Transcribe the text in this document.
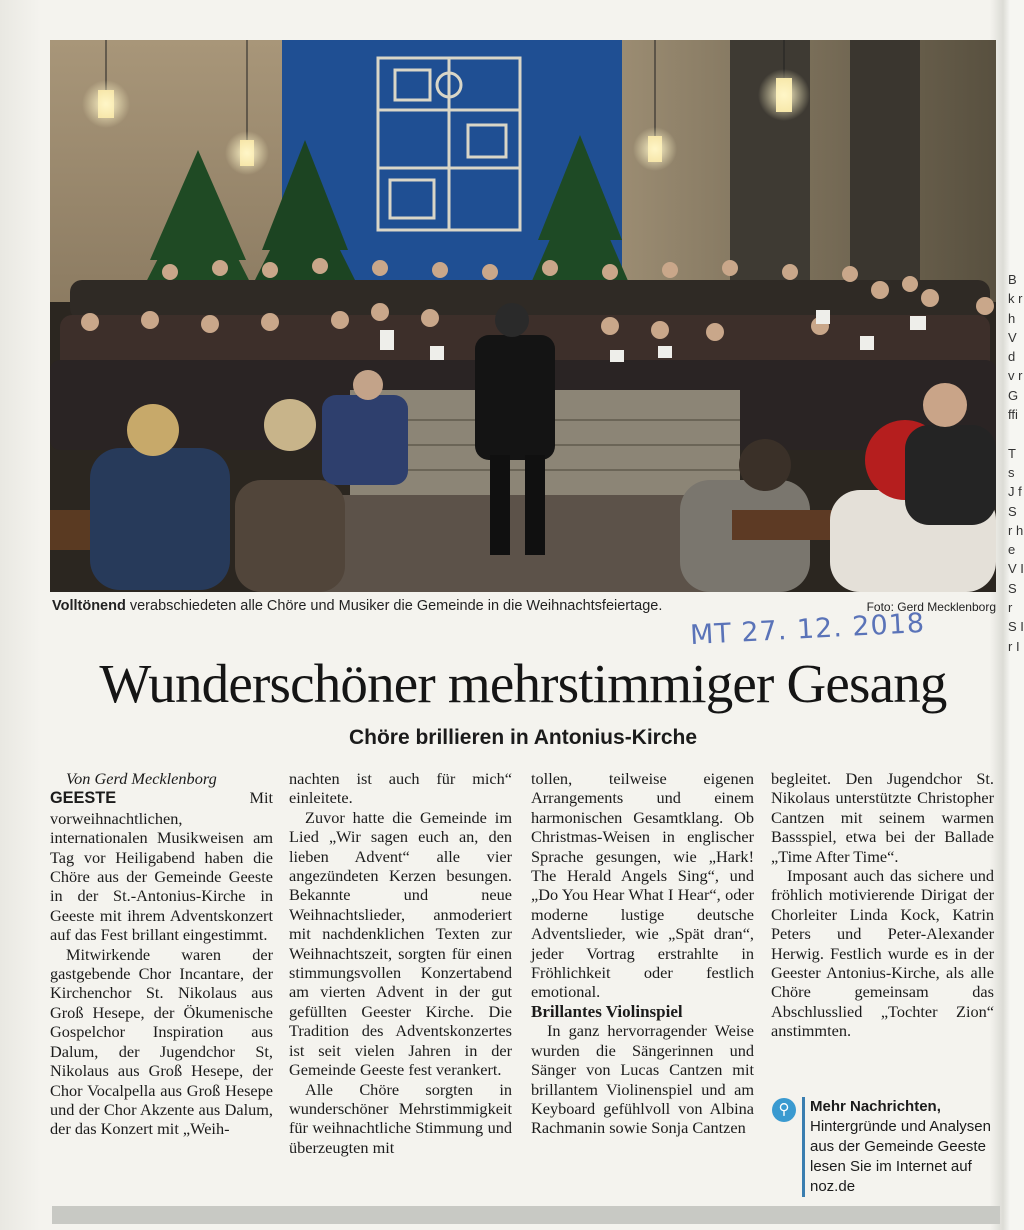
Volltönend verabschiedeten alle Chöre und Musiker die Gemeinde in die Weihnachtsfeiertage.	Foto: Gerd Mecklenborg
MT 27. 12. 2018
Wunderschöner mehrstimmiger Gesang
Chöre brillieren in Antonius-Kirche

Von Gerd Mecklenborg

GEESTE	Mit vorweihnachtlichen, internationalen Musikweisen am Tag vor Heiligabend haben die Chöre aus der Gemeinde Geeste in der St.-Antonius-Kirche in Geeste mit ihrem Adventskonzert auf das Fest brillant eingestimmt.

Mitwirkende waren der gastgebende Chor Incantare, der Kirchenchor St. Nikolaus aus Groß Hesepe, der Ökumenische Gospelchor Inspiration aus Dalum, der Jugendchor St, Nikolaus aus Groß Hesepe, der Chor Vocalpella aus Groß Hesepe und der Chor Akzente aus Dalum, der das Konzert mit „Weih-

nachten ist auch für mich“ einleitete.

Zuvor hatte die Gemeinde im Lied „Wir sagen euch an, den lieben Advent“ alle vier angezündeten Kerzen besungen. Bekannte und neue Weihnachtslieder, anmoderiert mit nachdenklichen Texten zur Weihnachtszeit, sorgten für einen stimmungsvollen Konzertabend am vierten Advent in der gut gefüllten Geester Kirche. Die Tradition des Adventskonzertes ist seit vielen Jahren in der Gemeinde Geeste fest verankert.

Alle Chöre sorgten in wunderschöner Mehrstimmigkeit für weihnachtliche Stimmung und überzeugten mit

tollen, teilweise eigenen Arrangements und einem harmonischen Gesamtklang. Ob Christmas-Weisen in englischer Sprache gesungen, wie „Hark! The Herald Angels Sing“, und „Do You Hear What I Hear“, oder moderne lustige deutsche Adventslieder, wie „Spät dran“, jeder Vortrag erstrahlte in Fröhlichkeit oder festlich emotional.

Brillantes Violinspiel

In ganz hervorragender Weise wurden die Sängerinnen und Sänger von Lucas Cantzen mit brillantem Violinenspiel und am Keyboard gefühlvoll von Albina Rachmanin sowie Sonja Cantzen

begleitet. Den Jugendchor St. Nikolaus unterstützte Christopher Cantzen mit seinem warmen Bassspiel, etwa bei der Ballade „Time After Time“.

Imposant auch das sichere und fröhlich motivierende Dirigat der Chorleiter Linda Kock, Katrin Peters und Peter-Alexander Herwig. Festlich wurde es in der Geester Antonius-Kirche, als alle Chöre gemeinsam das Abschlusslied „Tochter Zion“ anstimmten.

⚲	Mehr Nachrichten, Hintergründe und Analysen aus der Gemeinde Geeste lesen Sie im Internet auf noz.de
B k r h V d v r G ffi

T s J f S r h e V I S r S I r I
